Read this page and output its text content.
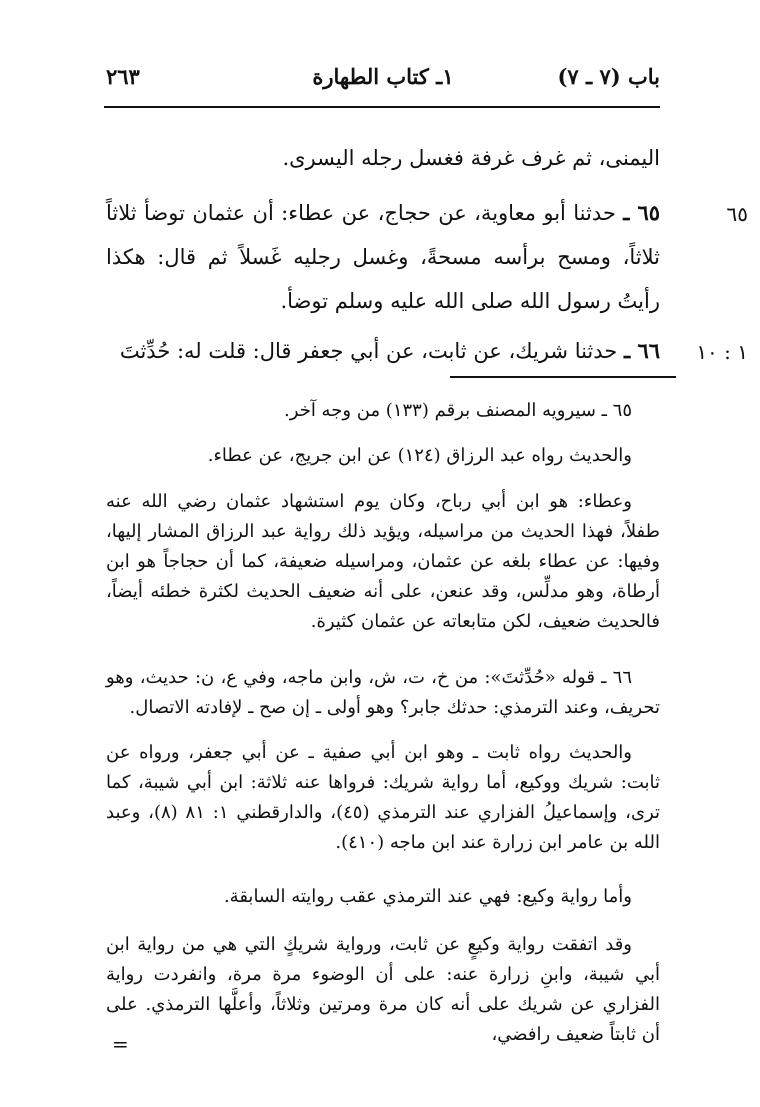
باب (٧ ـ ٧)
١ـ كتاب الطهارة
٢٦٣

اليمنى، ثم غرف غرفة فغسل رجله اليسرى.

٦٥

٦٥ ـ حدثنا أبو معاوية، عن حجاج، عن عطاء: أن عثمان توضأ ثلاثاً ثلاثاً، ومسح برأسه مسحةً، وغسل رجليه غَسلاً ثم قال: هكذا رأيتُ رسول الله صلى الله عليه وسلم توضأ.

١ : ١٠

٦٦ ـ حدثنا شريك، عن ثابت، عن أبي جعفر قال: قلت له: حُدِّثتَ

٦٥ ـ سيرويه المصنف برقم (١٣٣) من وجه آخر.

والحديث رواه عبد الرزاق (١٢٤) عن ابن جريج، عن عطاء.

وعطاء: هو ابن أبي رباح، وكان يوم استشهاد عثمان رضي الله عنه طفلاً، فهذا الحديث من مراسيله، ويؤيد ذلك رواية عبد الرزاق المشار إليها، وفيها: عن عطاء بلغه عن عثمان، ومراسيله ضعيفة، كما أن حجاجاً هو ابن أرطاة، وهو مدلِّس، وقد عنعن، على أنه ضعيف الحديث لكثرة خطئه أيضاً، فالحديث ضعيف، لكن متابعاته عن عثمان كثيرة.

٦٦ ـ قوله «حُدِّثتَ»: من خ، ت، ش، وابن ماجه، وفي ع، ن: حديث، وهو تحريف، وعند الترمذي: حدثك جابر؟ وهو أولى ـ إن صح ـ لإفادته الاتصال.

والحديث رواه ثابت ـ وهو ابن أبي صفية ـ عن أبي جعفر، ورواه عن ثابت: شريك ووكيع، أما رواية شريك: فرواها عنه ثلاثة: ابن أبي شيبة، كما ترى، وإسماعيلُ الفزاري عند الترمذي (٤٥)، والدارقطني ١: ٨١ (٨)، وعبد الله بن عامر ابن زرارة عند ابن ماجه (٤١٠).

وأما رواية وكيع: فهي عند الترمذي عقب روايته السابقة.

وقد اتفقت رواية وكيعٍ عن ثابت، ورواية شريكٍ التي هي من رواية ابن أبي شيبة، وابنِ زرارة عنه: على أن الوضوء مرة مرة، وانفردت رواية الفزاري عن شريك على أنه كان مرة ومرتين وثلاثاً، وأعلَّها الترمذي. على أن ثابتاً ضعيف رافضي،

=
